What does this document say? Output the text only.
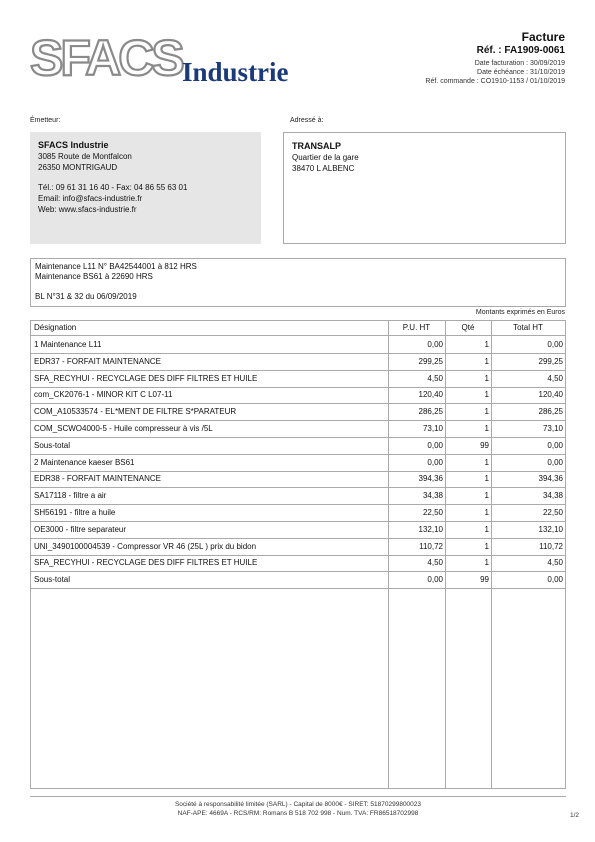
SFACS Industrie
Facture
Réf. : FA1909-0061
Date facturation : 30/09/2019
Date échéance : 31/10/2019
Réf. commande : CO1910-1153 / 01/10/2019
Émetteur:	Adressé à:
SFACS Industrie
3085 Route de Montfalcon
26350 MONTRIGAUD
Tél.: 09 61 31 16 40 - Fax: 04 86 55 63 01
Email: info@sfacs-industrie.fr
Web: www.sfacs-industrie.fr
TRANSALP
Quartier de la gare
38470 L ALBENC
Maintenance L11 N° BA42544001 à 812 HRS
Maintenance BS61 à 22690 HRS
BL N°31 & 32 du 06/09/2019
Montants exprimés en Euros
Désignation	P.U. HT	Qté	Total HT
1 Maintenance L11	0,00	1	0,00
EDR37 - FORFAIT MAINTENANCE	299,25	1	299,25
SFA_RECYHUI - RECYCLAGE DES DIFF FILTRES ET HUILE	4,50	1	4,50
com_CK2076-1 - MINOR KIT C L07-11	120,40	1	120,40
COM_A10533574 - EL*MENT DE FILTRE S*PARATEUR	286,25	1	286,25
COM_SCWO4000-5 - Huile compresseur à vis /5L	73,10	1	73,10
Sous-total	0,00	99	0,00
2 Maintenance kaeser BS61	0,00	1	0,00
EDR38 - FORFAIT MAINTENANCE	394,36	1	394,36
SA17118 - filtre a air	34,38	1	34,38
SH56191 - filtre a huile	22,50	1	22,50
OE3000 - filtre separateur	132,10	1	132,10
UNI_3490100004539 - Compressor VR 46 (25L ) prix du bidon	110,72	1	110,72
SFA_RECYHUI - RECYCLAGE DES DIFF FILTRES ET HUILE	4,50	1	4,50
Sous-total	0,00	99	0,00
Société à responsabilité limitée (SARL) - Capital de 8000€ - SIRET: 51870299800023
NAF-APE: 4669A - RCS/RM: Romans B 518 702 998 - Num. TVA: FR86518702998	1/2
